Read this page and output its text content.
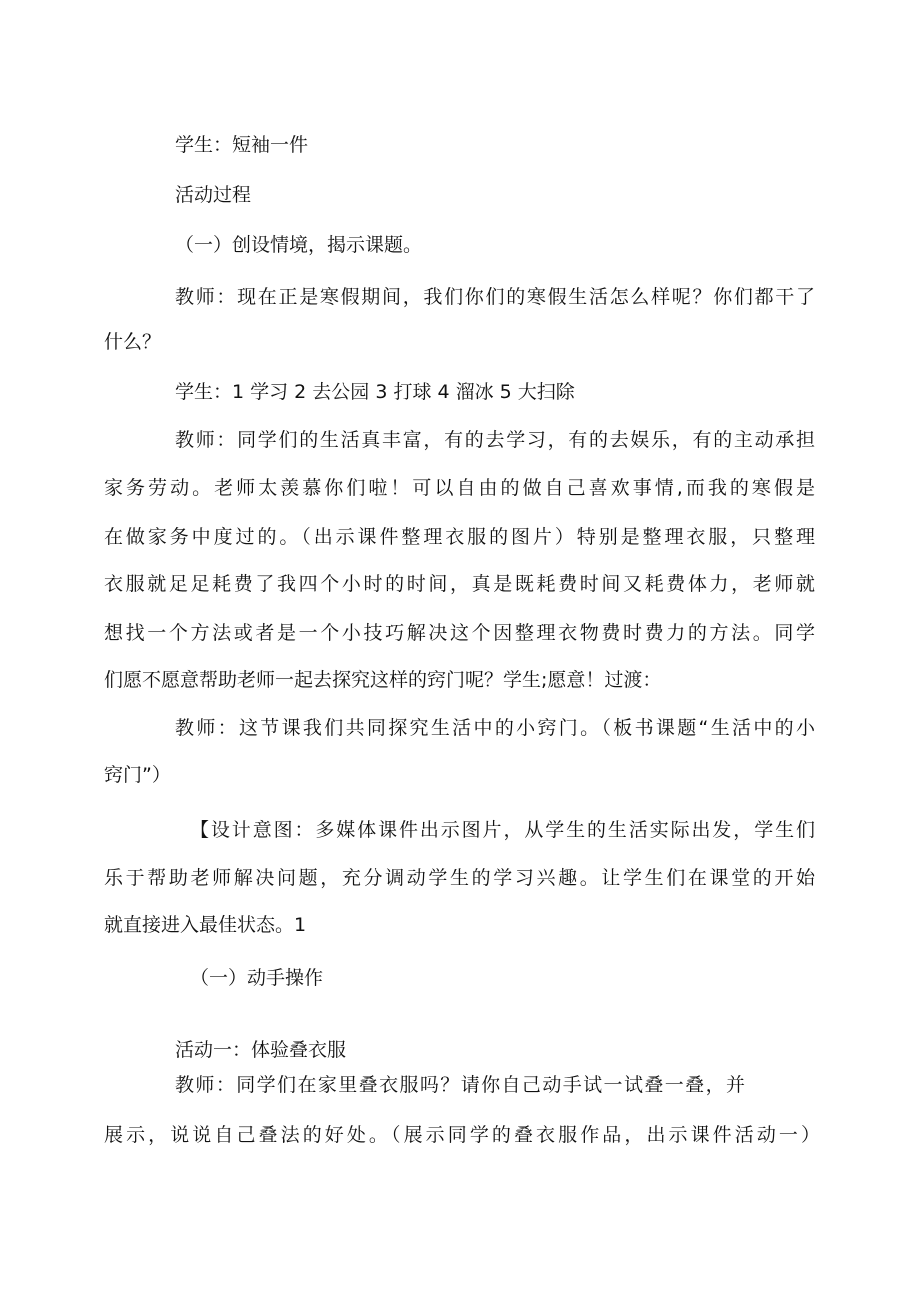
学生：短袖一件
活动过程
（一）创设情境，揭示课题。
教师：现在正是寒假期间，我们你们的寒假生活怎么样呢？你们都干了
什么？
学生：1 学习 2 去公园 3 打球 4 溜冰 5 大扫除
教师：同学们的生活真丰富，有的去学习，有的去娱乐，有的主动承担
家务劳动。老师太羡慕你们啦！可以自由的做自己喜欢事情,而我的寒假是
在做家务中度过的。（出示课件整理衣服的图片）特别是整理衣服，只整理
衣服就足足耗费了我四个小时的时间，真是既耗费时间又耗费体力，老师就
想找一个方法或者是一个小技巧解决这个因整理衣物费时费力的方法。同学
们愿不愿意帮助老师一起去探究这样的窍门呢？学生;愿意！过渡：
教师：这节课我们共同探究生活中的小窍门。（板书课题“生活中的小
窍门”）
【设计意图：多媒体课件出示图片，从学生的生活实际出发，学生们
乐于帮助老师解决问题，充分调动学生的学习兴趣。让学生们在课堂的开始
就直接进入最佳状态。1
（一）动手操作
活动一：体验叠衣服
教师：同学们在家里叠衣服吗？请你自己动手试一试叠一叠，并
展示，说说自己叠法的好处。（展示同学的叠衣服作品，出示课件活动一）
